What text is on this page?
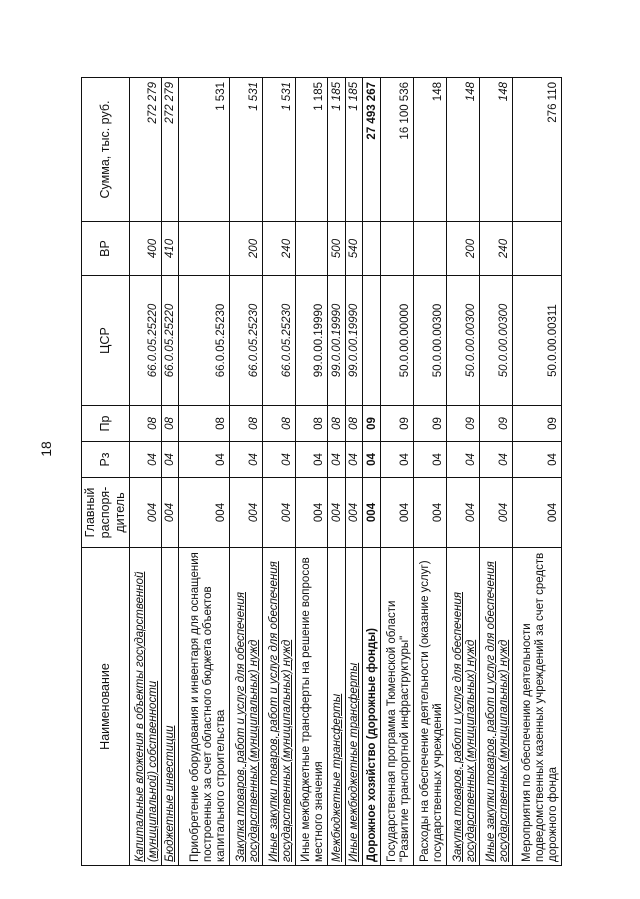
18
Наименование	Главный распоря-дитель	Рз	Пр	ЦСР	ВР	Сумма, тыс. руб.
Капитальные вложения в объекты государственной (муниципальной) собственности	004	04	08	66.0.05.25220	400	272 279
Бюджетные инвестиции	004	04	08	66.0.05.25220	410	272 279
Приобретение оборудования и инвентаря для оснащения построенных за счет областного бюджета объектов капитального строительства	004	04	08	66.0.05.25230		1 531
Закупка товаров, работ и услуг для обеспечения государственных (муниципальных) нужд	004	04	08	66.0.05.25230	200	1 531
Иные закупки товаров, работ и услуг для обеспечения государственных (муниципальных) нужд	004	04	08	66.0.05.25230	240	1 531
Иные межбюджетные трансферты на решение вопросов местного значения	004	04	08	99.0.00.19990		1 185
Межбюджетные трансферты	004	04	08	99.0.00.19990	500	1 185
Иные межбюджетные трансферты	004	04	08	99.0.00.19990	540	1 185
Дорожное хозяйство (дорожные фонды)	004	04	09			27 493 267
Государственная программа Тюменской области "Развитие транспортной инфраструктуры"	004	04	09	50.0.00.00000		16 100 536
Расходы на обеспечение деятельности (оказание услуг) государственных учреждений	004	04	09	50.0.00.00300		148
Закупка товаров, работ и услуг для обеспечения государственных (муниципальных) нужд	004	04	09	50.0.00.00300	200	148
Иные закупки товаров, работ и услуг для обеспечения государственных (муниципальных) нужд	004	04	09	50.0.00.00300	240	148
Мероприятия по обеспечению деятельности подведомственных казенных учреждений за счет средств дорожного фонда	004	04	09	50.0.00.00311		276 110
